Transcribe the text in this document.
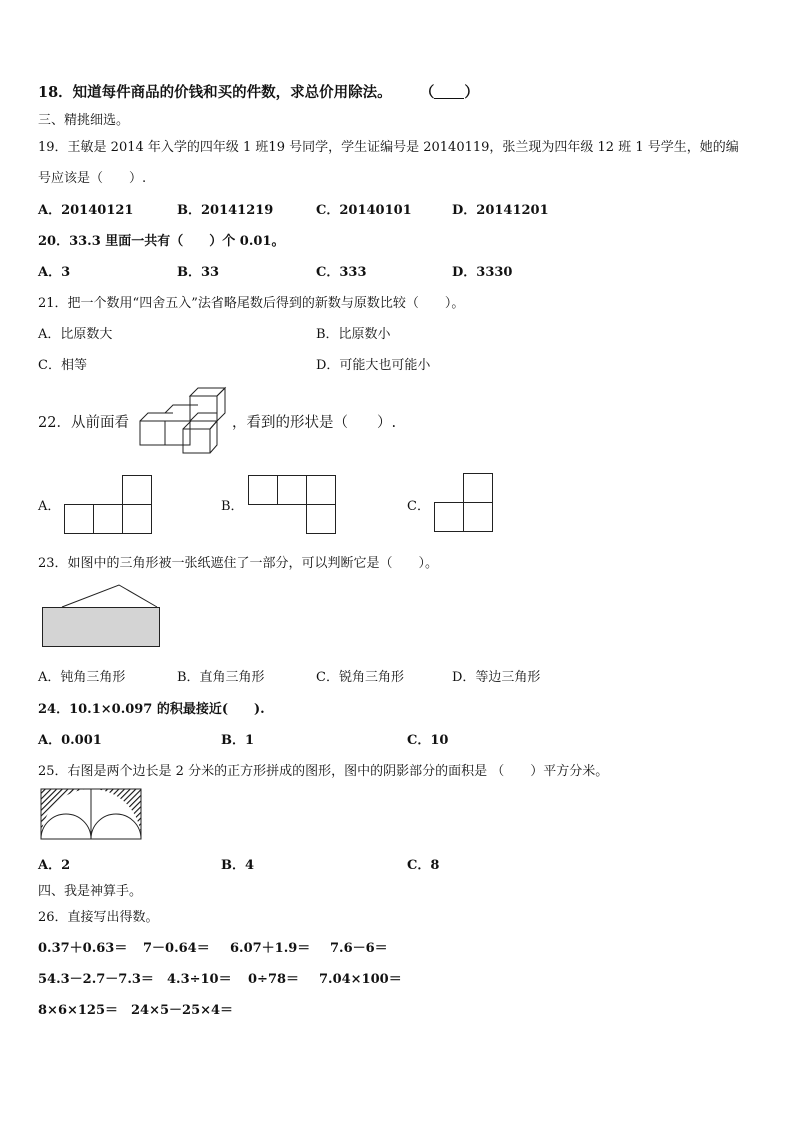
18．知道每件商品的价钱和买的件数，求总价用除法。 （ ）
三、精挑细选。
19．王敏是 2014 年入学的四年级 1 班19 号同学，学生证编号是 20140119，张兰现为四年级 12 班 1 号学生，她的编
号应该是（　　）.
A．20140121	B．20141219	C．20140101	D．20141201
20．33.3 里面一共有（　　）个 0.01。
A．3	B．33	C．333	D．3330
21．把一个数用“四舍五入”法省略尾数后得到的新数与原数比较（　　）。
A．比原数大	B．比原数小
C．相等	D．可能大也可能小
22．从前面看	，看到的形状是（　　）.
A．	B．	C．
23．如图中的三角形被一张纸遮住了一部分，可以判断它是（　　）。
A．钝角三角形	B．直角三角形	C．锐角三角形	D．等边三角形
24．10.1×0.097 的积最接近(　　).
A．0.001	B．1	C．10
25．右图是两个边长是 2 分米的正方形拼成的图形，图中的阴影部分的面积是 （　　）平方分米。
A．2	B．4	C．8
四、我是神算手。
26．直接写出得数。
0.37＋0.63＝ 7－0.64＝ 6.07＋1.9＝ 7.6－6＝
54.3－2.7－7.3＝ 4.3÷10＝ 0÷78＝ 7.04×100＝
8×6×125＝ 24×5－25×4＝
